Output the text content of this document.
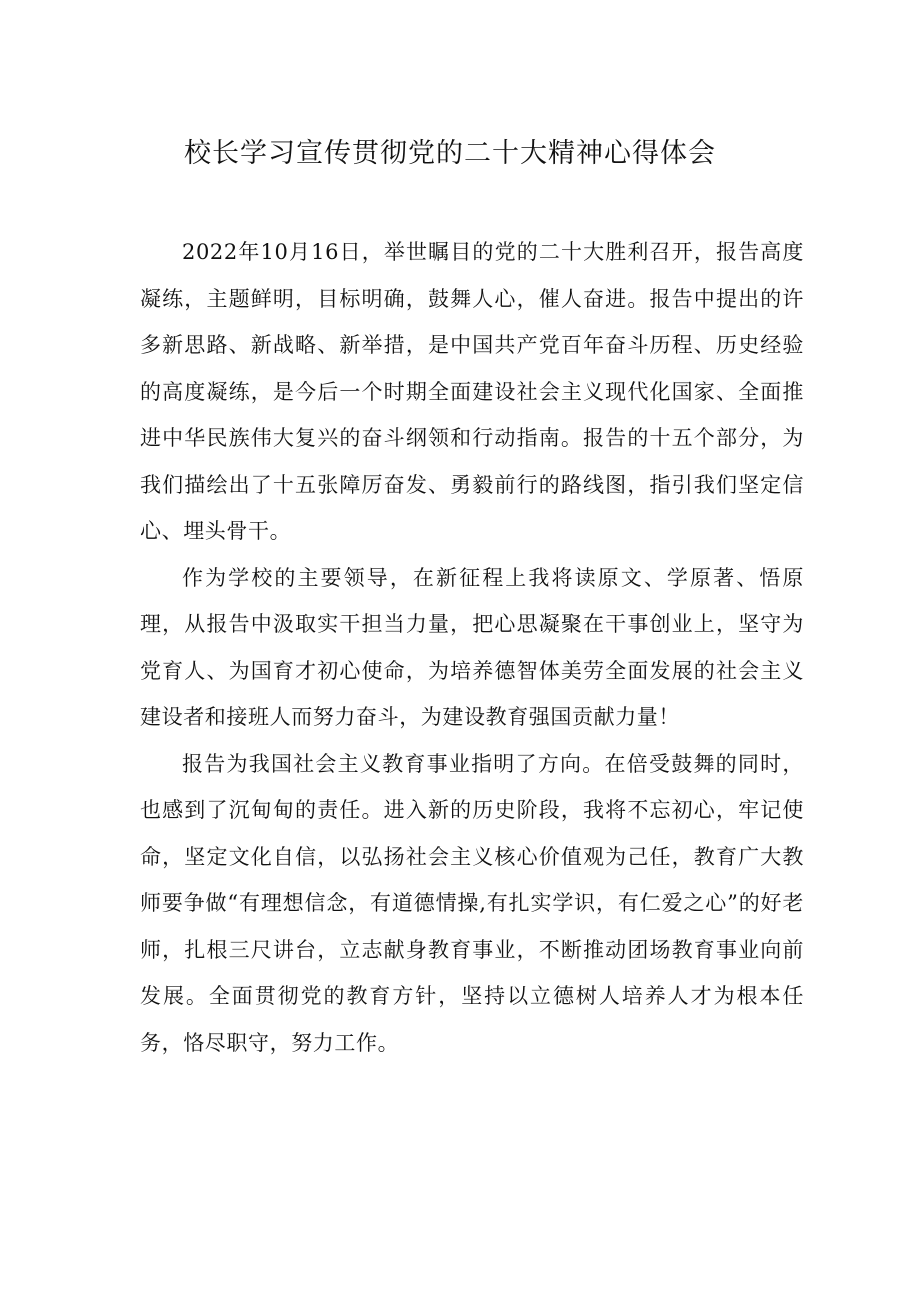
校长学习宣传贯彻党的二十大精神心得体会

2022年10月16日，举世瞩目的党的二十大胜利召开，报告高度凝练，主题鲜明，目标明确，鼓舞人心，催人奋进。报告中提出的许多新思路、新战略、新举措，是中国共产党百年奋斗历程、历史经验的高度凝练，是今后一个时期全面建设社会主义现代化国家、全面推进中华民族伟大复兴的奋斗纲领和行动指南。报告的十五个部分，为我们描绘出了十五张障厉奋发、勇毅前行的路线图，指引我们坚定信心、埋头骨干。

作为学校的主要领导，在新征程上我将读原文、学原著、悟原理，从报告中汲取实干担当力量，把心思凝聚在干事创业上，坚守为党育人、为国育才初心使命，为培养德智体美劳全面发展的社会主义建设者和接班人而努力奋斗，为建设教育强国贡献力量！

报告为我国社会主义教育事业指明了方向。在倍受鼓舞的同时，也感到了沉甸甸的责任。进入新的历史阶段，我将不忘初心，牢记使命，坚定文化自信，以弘扬社会主义核心价值观为己任，教育广大教师要争做“有理想信念，有道德情操,有扎实学识，有仁爱之心”的好老师，扎根三尺讲台，立志献身教育事业，不断推动团场教育事业向前发展。全面贯彻党的教育方针，坚持以立德树人培养人才为根本任务，恪尽职守，努力工作。
